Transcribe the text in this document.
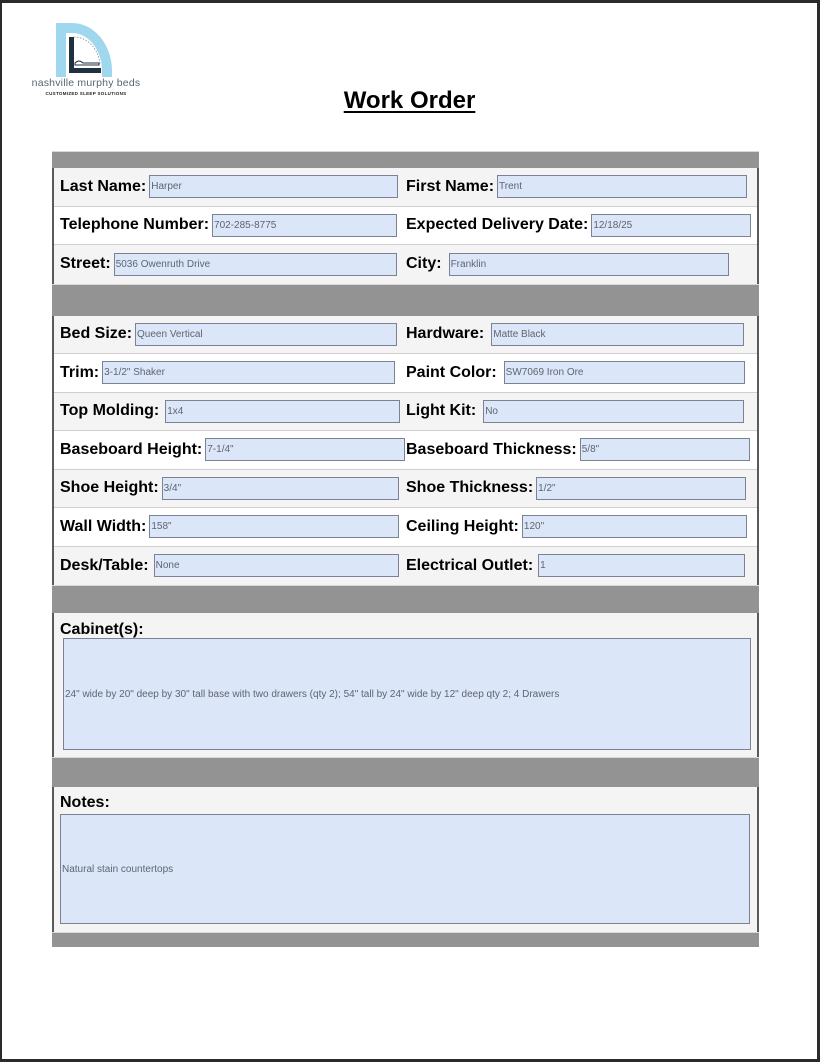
nashville murphy beds
CUSTOMIZED SLEEP SOLUTIONS	Work Order
Last Name: Harper	First Name: Trent
Telephone Number: 702-285-8775	Expected Delivery Date: 12/18/25
Street: 5036 Owenruth Drive	City: Franklin
Bed Size: Queen Vertical	Hardware: Matte Black
Trim: 3-1/2" Shaker	Paint Color: SW7069 Iron Ore
Top Molding: 1x4	Light Kit: No
Baseboard Height: 7-1/4"	Baseboard Thickness: 5/8"
Shoe Height: 3/4"	Shoe Thickness: 1/2"
Wall Width: 158"	Ceiling Height: 120"
Desk/Table: None	Electrical Outlet: 1
Cabinet(s):
24" wide by 20" deep by 30" tall base with two drawers (qty 2); 54" tall by 24" wide by 12" deep qty 2; 4 Drawers
Notes:
Natural stain countertops
